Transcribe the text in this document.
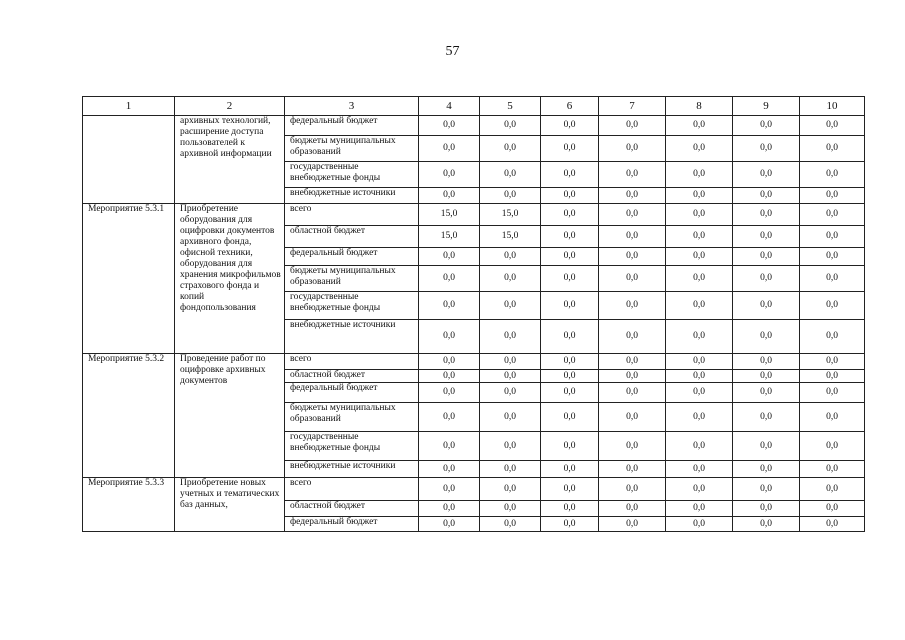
57
1	2	3	4	5	6	7	8	9	10
	архивных технологий, расширение доступа пользователей к архивной информации	федеральный бюджет	0,0	0,0	0,0	0,0	0,0	0,0	0,0
		бюджеты муниципальных образований	0,0	0,0	0,0	0,0	0,0	0,0	0,0
		государственные внебюджетные фонды	0,0	0,0	0,0	0,0	0,0	0,0	0,0
		внебюджетные источники	0,0	0,0	0,0	0,0	0,0	0,0	0,0
Мероприятие 5.3.1	Приобретение оборудования для оцифровки документов архивного фонда, офисной техники, оборудования для хранения микрофильмов страхового фонда и копий фондопользования	всего	15,0	15,0	0,0	0,0	0,0	0,0	0,0
		областной бюджет	15,0	15,0	0,0	0,0	0,0	0,0	0,0
		федеральный бюджет	0,0	0,0	0,0	0,0	0,0	0,0	0,0
		бюджеты муниципальных образований	0,0	0,0	0,0	0,0	0,0	0,0	0,0
		государственные внебюджетные фонды	0,0	0,0	0,0	0,0	0,0	0,0	0,0
		внебюджетные источники	0,0	0,0	0,0	0,0	0,0	0,0	0,0
Мероприятие 5.3.2	Проведение работ по оцифровке архивных документов	всего	0,0	0,0	0,0	0,0	0,0	0,0	0,0
		областной бюджет	0,0	0,0	0,0	0,0	0,0	0,0	0,0
		федеральный бюджет	0,0	0,0	0,0	0,0	0,0	0,0	0,0
		бюджеты муниципальных образований	0,0	0,0	0,0	0,0	0,0	0,0	0,0
		государственные внебюджетные фонды	0,0	0,0	0,0	0,0	0,0	0,0	0,0
		внебюджетные источники	0,0	0,0	0,0	0,0	0,0	0,0	0,0
Мероприятие 5.3.3	Приобретение новых учетных и тематических баз данных,	всего	0,0	0,0	0,0	0,0	0,0	0,0	0,0
		областной бюджет	0,0	0,0	0,0	0,0	0,0	0,0	0,0
		федеральный бюджет	0,0	0,0	0,0	0,0	0,0	0,0	0,0
